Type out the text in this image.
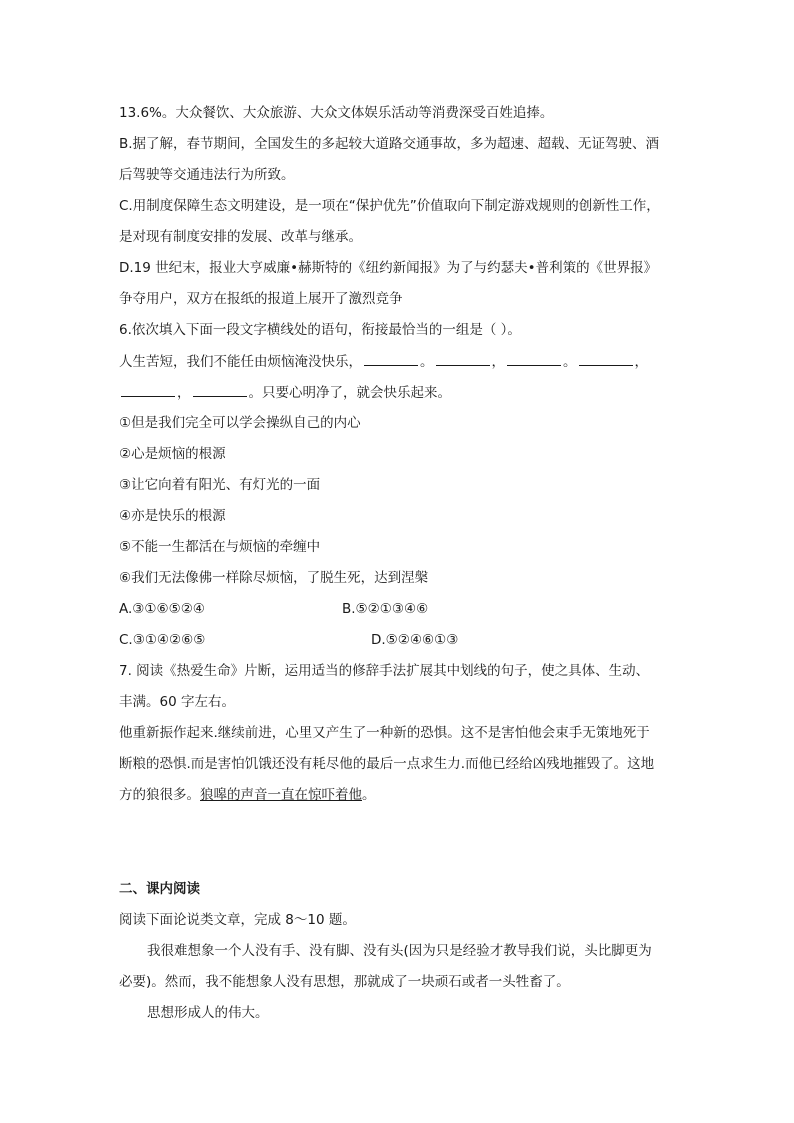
13.6%。大众餐饮、大众旅游、大众文体娱乐活动等消费深受百姓追捧。
B.据了解，春节期间，全国发生的多起较大道路交通事故，多为超速、超载、无证驾驶、酒
后驾驶等交通违法行为所致。
C.用制度保障生态文明建设，是一项在“保护优先”价值取向下制定游戏规则的创新性工作，
是对现有制度安排的发展、改革与继承。
D.19 世纪末，报业大亨威廉•赫斯特的《纽约新闻报》为了与约瑟夫•普利策的《世界报》
争夺用户，双方在报纸的报道上展开了激烈竞争
6.依次填入下面一段文字横线处的语句，衔接最恰当的一组是（ ）。
人生苦短，我们不能任由烦恼淹没快乐，	。	，	。	，
，	。只要心明净了，就会快乐起来。
①但是我们完全可以学会操纵自己的内心
②心是烦恼的根源
③让它向着有阳光、有灯光的一面
④亦是快乐的根源
⑤不能一生都活在与烦恼的牵缠中
⑥我们无法像佛一样除尽烦恼，了脱生死，达到涅槃
A.③①⑥⑤②④	B.⑤②①③④⑥
C.③①④②⑥⑤	D.⑤②④⑥①③
7. 阅读《热爱生命》片断，运用适当的修辞手法扩展其中划线的句子，使之具体、生动、
丰满。60 字左右。
他重新振作起来.继续前进，心里又产生了一种新的恐惧。这不是害怕他会束手无策地死于
断粮的恐惧.而是害怕饥饿还没有耗尽他的最后一点求生力.而他已经给凶残地摧毁了。这地
方的狼很多。狼嗥的声音一直在惊吓着他。
二、课内阅读
阅读下面论说类文章，完成 8～10 题。
我很难想象一个人没有手、没有脚、没有头(因为只是经验才教导我们说，头比脚更为
必要)。然而，我不能想象人没有思想，那就成了一块顽石或者一头牲畜了。
思想形成人的伟大。
